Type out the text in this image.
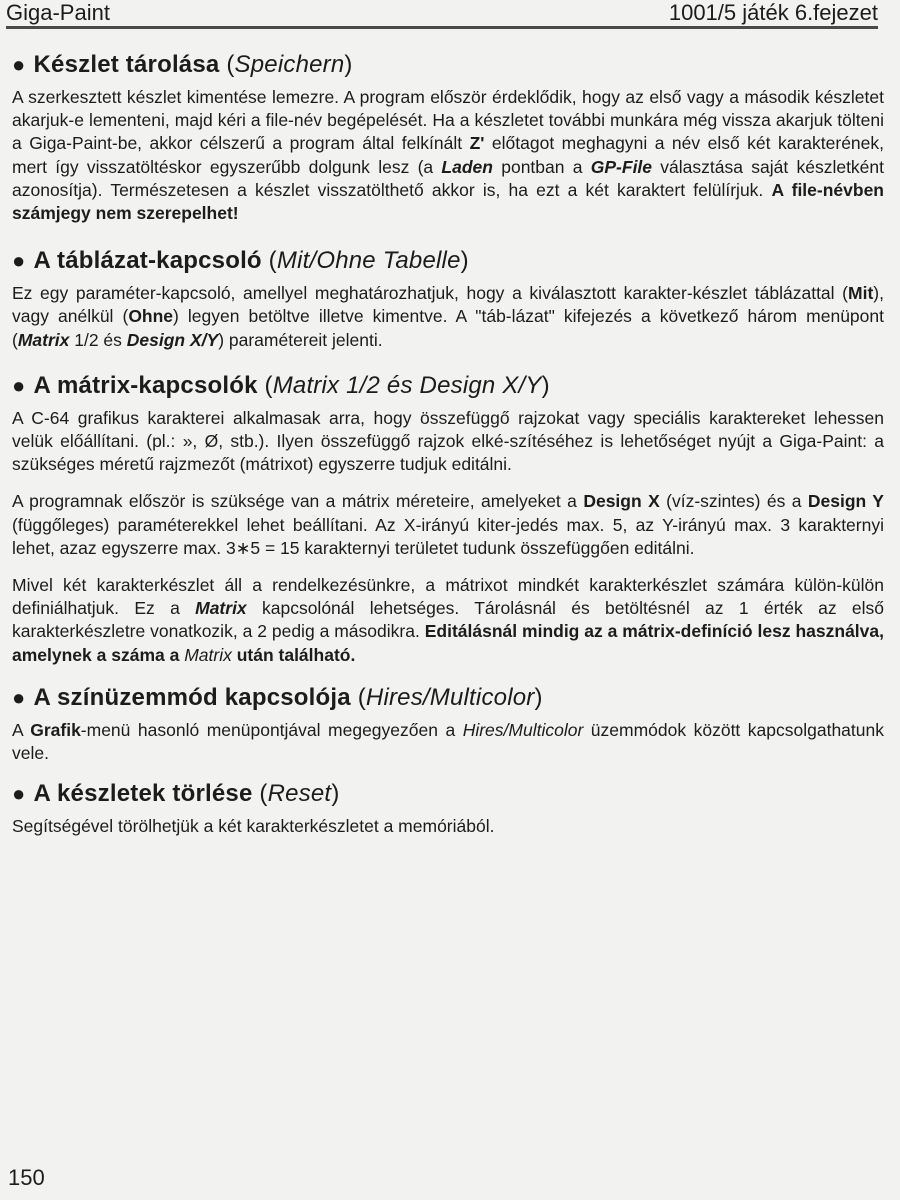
Giga-Paint	1001/5 játék 6.fejezet
● Készlet tárolása (Speichern)

A szerkesztett készlet kimentése lemezre. A program először érdeklődik, hogy az első vagy a második készletet akarjuk-e lementeni, majd kéri a file-név begépelését. Ha a készletet további munkára még vissza akarjuk tölteni a Giga-Paint-be, akkor célszerű a program által felkínált Z' előtagot meghagyni a név első két karakterének, mert így visszatöltéskor egyszerűbb dolgunk lesz (a Laden pontban a GP-File választása saját készletként azonosítja). Természetesen a készlet visszatölthető akkor is, ha ezt a két karaktert felülírjuk. A file-névben számjegy nem szerepelhet!

● A táblázat-kapcsoló (Mit/Ohne Tabelle)

Ez egy paraméter-kapcsoló, amellyel meghatározhatjuk, hogy a kiválasztott karakter-készlet táblázattal (Mit), vagy anélkül (Ohne) legyen betöltve illetve kimentve. A "táb-lázat" kifejezés a következő három menüpont (Matrix 1/2 és Design X/Y) paramétereit jelenti.

● A mátrix-kapcsolók (Matrix 1/2 és Design X/Y)

A C-64 grafikus karakterei alkalmasak arra, hogy összefüggő rajzokat vagy speciális karaktereket lehessen velük előállítani. (pl.: », Ø, stb.). Ilyen összefüggő rajzok elké-szítéséhez is lehetőséget nyújt a Giga-Paint: a szükséges méretű rajzmezőt (mátrixot) egyszerre tudjuk editálni.

A programnak először is szüksége van a mátrix méreteire, amelyeket a Design X (víz-szintes) és a Design Y (függőleges) paraméterekkel lehet beállítani. Az X-irányú kiter-jedés max. 5, az Y-irányú max. 3 karakternyi lehet, azaz egyszerre max. 3∗5 = 15 karakternyi területet tudunk összefüggően editálni.

Mivel két karakterkészlet áll a rendelkezésünkre, a mátrixot mindkét karakterkészlet számára külön-külön definiálhatjuk. Ez a Matrix kapcsolónál lehetséges. Tárolásnál és betöltésnél az 1 érték az első karakterkészletre vonatkozik, a 2 pedig a másodikra. Editálásnál mindig az a mátrix-definíció lesz használva, amelynek a száma a Matrix után található.

● A színüzemmód kapcsolója (Hires/Multicolor)

A Grafik-menü hasonló menüpontjával megegyezően a Hires/Multicolor üzemmódok között kapcsolgathatunk vele.

● A készletek törlése (Reset)

Segítségével törölhetjük a két karakterkészletet a memóriából.

150
